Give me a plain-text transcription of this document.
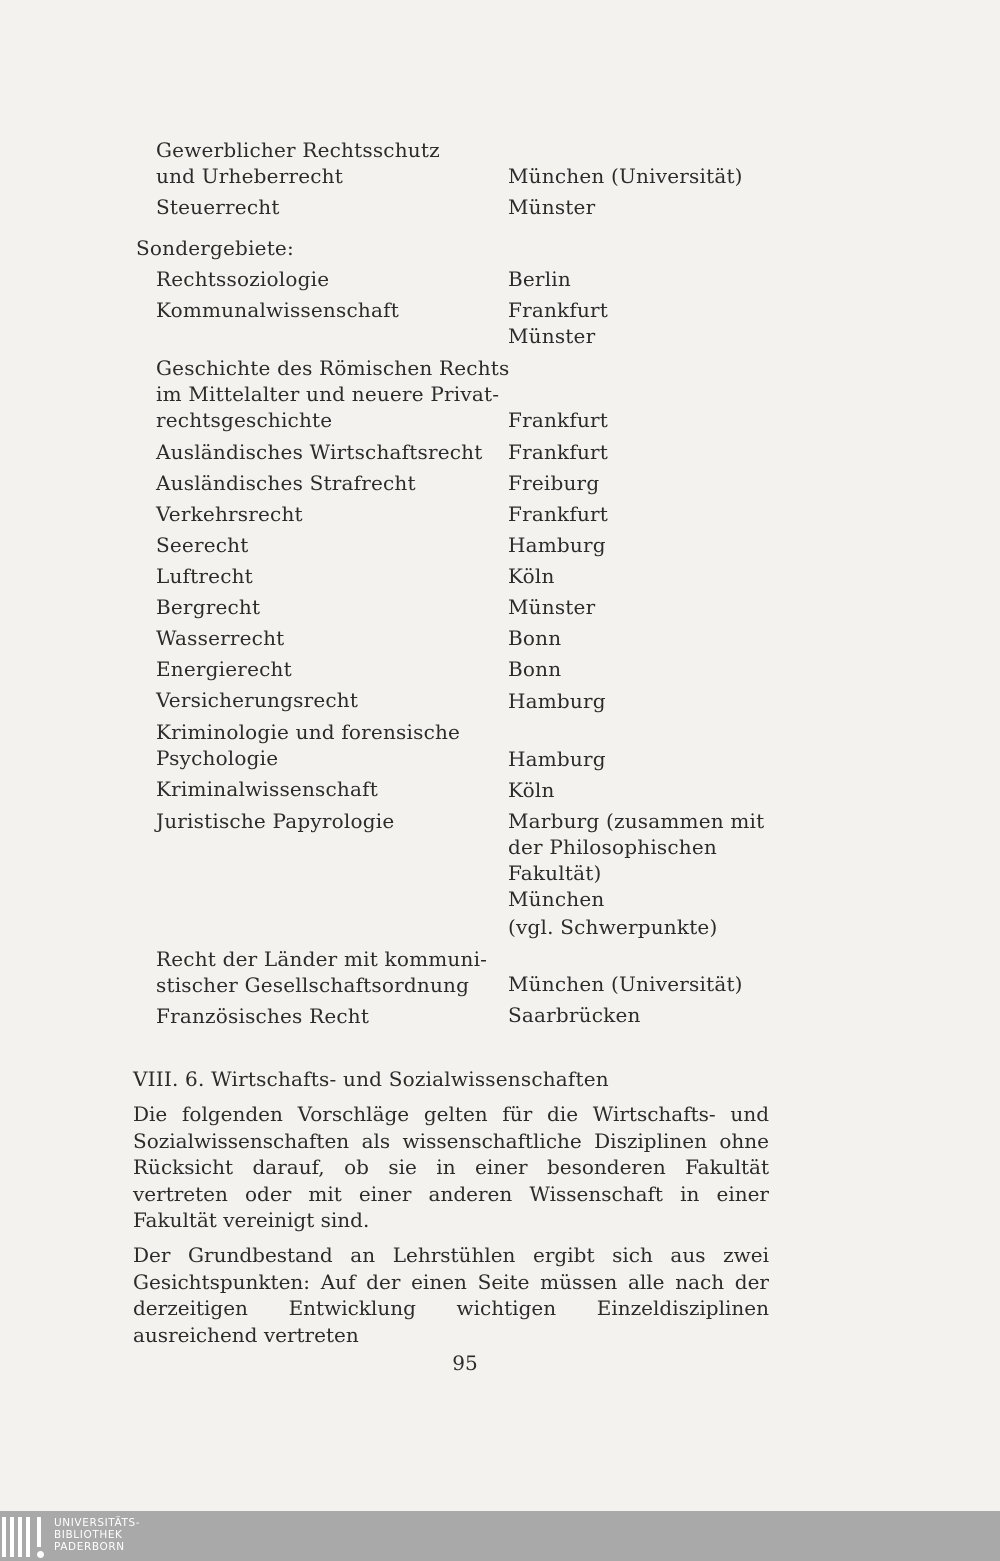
Gewerblicher Rechtsschutz
und Urheberrecht	München (Universität)
Steuerrecht	Münster
Sondergebiete:
Rechtssoziologie	Berlin
Kommunalwissenschaft	Frankfurt
Münster
Geschichte des Römischen Rechts
im Mittelalter und neuere Privat-
rechtsgeschichte	Frankfurt
Ausländisches Wirtschaftsrecht Frankfurt
Ausländisches Strafrecht	Freiburg
Verkehrsrecht	Frankfurt
Seerecht	Hamburg
Luftrecht	Köln
Bergrecht	Münster
Wasserrecht	Bonn
Energierecht	Bonn
Versicherungsrecht	Hamburg
Kriminologie und forensische
Psychologie	Hamburg
Kriminalwissenschaft	Köln
Juristische Papyrologie	Marburg (zusammen mit
der Philosophischen
Fakultät)
München
(vgl. Schwerpunkte)
Recht der Länder mit kommuni-
stischer Gesellschaftsordnung München (Universität)
Französisches Recht	Saarbrücken
VIII. 6. Wirtschafts- und Sozialwissenschaften
Die folgenden Vorschläge gelten für die Wirtschafts- und Sozialwissenschaften als wissenschaftliche Disziplinen ohne Rücksicht darauf, ob sie in einer besonderen Fakultät vertreten oder mit einer anderen Wissenschaft in einer Fakultät vereinigt sind.
Der Grundbestand an Lehrstühlen ergibt sich aus zwei Gesichtspunkten: Auf der einen Seite müssen alle nach der derzeitigen Entwicklung wichtigen Einzeldisziplinen ausreichend vertreten
95
UNIVERSITÄTS-
BIBLIOTHEK
PADERBORN
